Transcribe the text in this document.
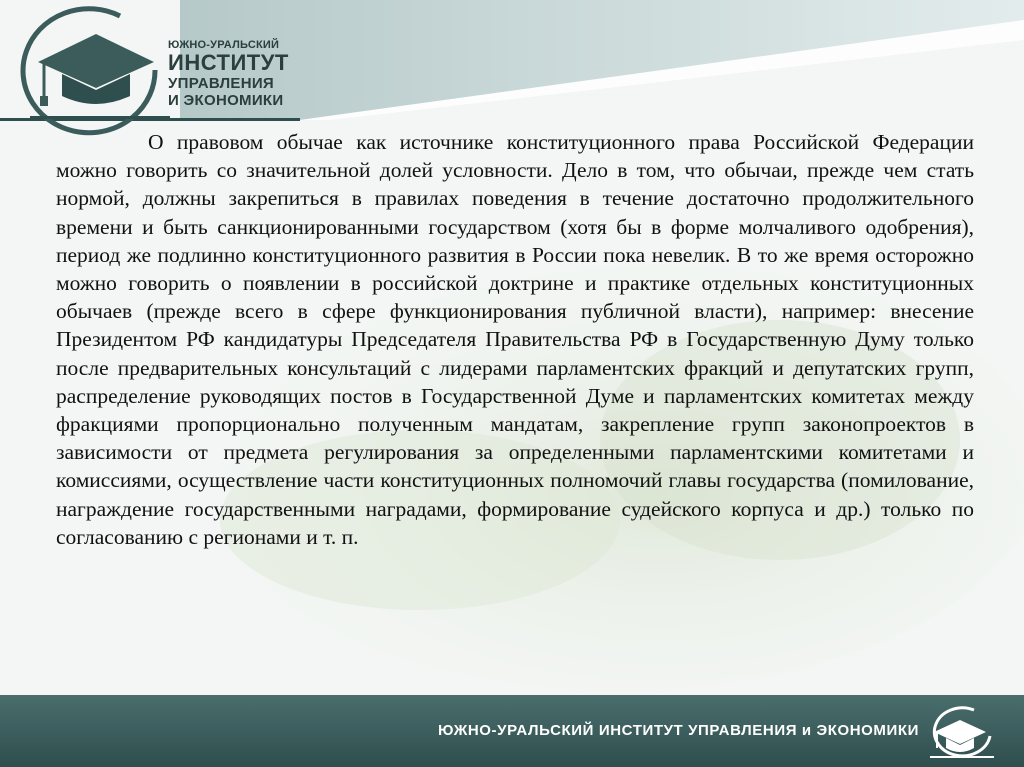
ЮЖНО-УРАЛЬСКИЙ
ИНСТИТУТ
УПРАВЛЕНИЯ
И ЭКОНОМИКИ

О правовом обычае как источнике конституционного права Российской Федерации можно говорить со значительной долей условности. Дело в том, что обычаи, прежде чем стать нормой, должны закрепиться в правилах поведения в течение достаточно продолжительного времени и быть санкционированными государством (хотя бы в форме молчаливого одобрения), период же подлинно конституционного развития в России пока невелик. В то же время осторожно можно говорить о появлении в российской доктрине и практике отдельных конституционных обычаев (прежде всего в сфере функционирования публичной власти), например: внесение Президентом РФ кандидатуры Председателя Правительства РФ в Государственную Думу только после предварительных консультаций с лидерами парламентских фракций и депутатских групп, распределение руководящих постов в Государственной Думе и парламентских комитетах между фракциями пропорционально полученным мандатам, закрепление групп законопроектов в зависимости от предмета регулирования за определенными парламентскими комитетами и комиссиями, осуществление части конституционных полномочий главы государства (помилование, награждение государственными наградами, формирование судейского корпуса и др.) только по согласованию с регионами и т. п.

ЮЖНО-УРАЛЬСКИЙ ИНСТИТУТ УПРАВЛЕНИЯ и ЭКОНОМИКИ
